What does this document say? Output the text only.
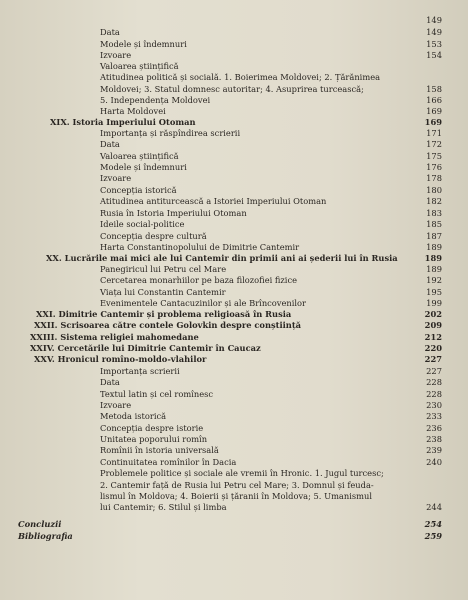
149
Data	149
Modele și îndemnuri	153
Izvoare	154
Valoarea științifică
Atitudinea politică și socială. 1. Boierimea Moldovei; 2. Țărănimea
Moldovei; 3. Statul domnesc autoritar; 4. Asuprirea turcească;	158
5. Independența Moldovei	166
Harta Moldovei	169
XIX. Istoria Imperiului Otoman	169
Importanța și răspîndirea scrierii	171
Data	172
Valoarea științifică	175
Modele și îndemnuri	176
Izvoare	178
Concepția istorică	180
Atitudinea antiturcească a Istoriei Imperiului Otoman	182
Rusia în Istoria Imperiului Otoman	183
Ideile social-politice	185
Concepția despre cultură	187
Harta Constantinopolului de Dimitrie Cantemir	189
XX. Lucrările mai mici ale lui Cantemir din primii ani ai șederii lui în Rusia	189
Panegiricul lui Petru cel Mare	189
Cercetarea monarhiilor pe baza filozofiei fizice	192
Viața lui Constantin Cantemir	195
Evenimentele Cantacuzinilor și ale Brîncovenilor	199
XXI. Dimitrie Cantemir și problema religioasă în Rusia	202
XXII. Scrisoarea către contele Golovkin despre conștiință	209
XXIII. Sistema religiei mahomedane	212
XXIV. Cercetările lui Dimitrie Cantemir în Caucaz	220
XXV. Hronicul romîno-moldo-vlahilor	227
Importanța scrierii	227
Data	228
Textul latin și cel romînesc	228
Izvoare	230
Metoda istorică	233
Concepția despre istorie	236
Unitatea poporului romîn	238
Romînii în istoria universală	239
Continuitatea romînilor în Dacia	240
Problemele politice și sociale ale vremii în Hronic. 1. Jugul turcesc;
2. Cantemir față de Rusia lui Petru cel Mare; 3. Domnul și feuda-
lismul în Moldova; 4. Boierii și țăranii în Moldova; 5. Umanismul
lui Cantemir; 6. Stilul și limba	244
Concluzii	254
Bibliografia	259
